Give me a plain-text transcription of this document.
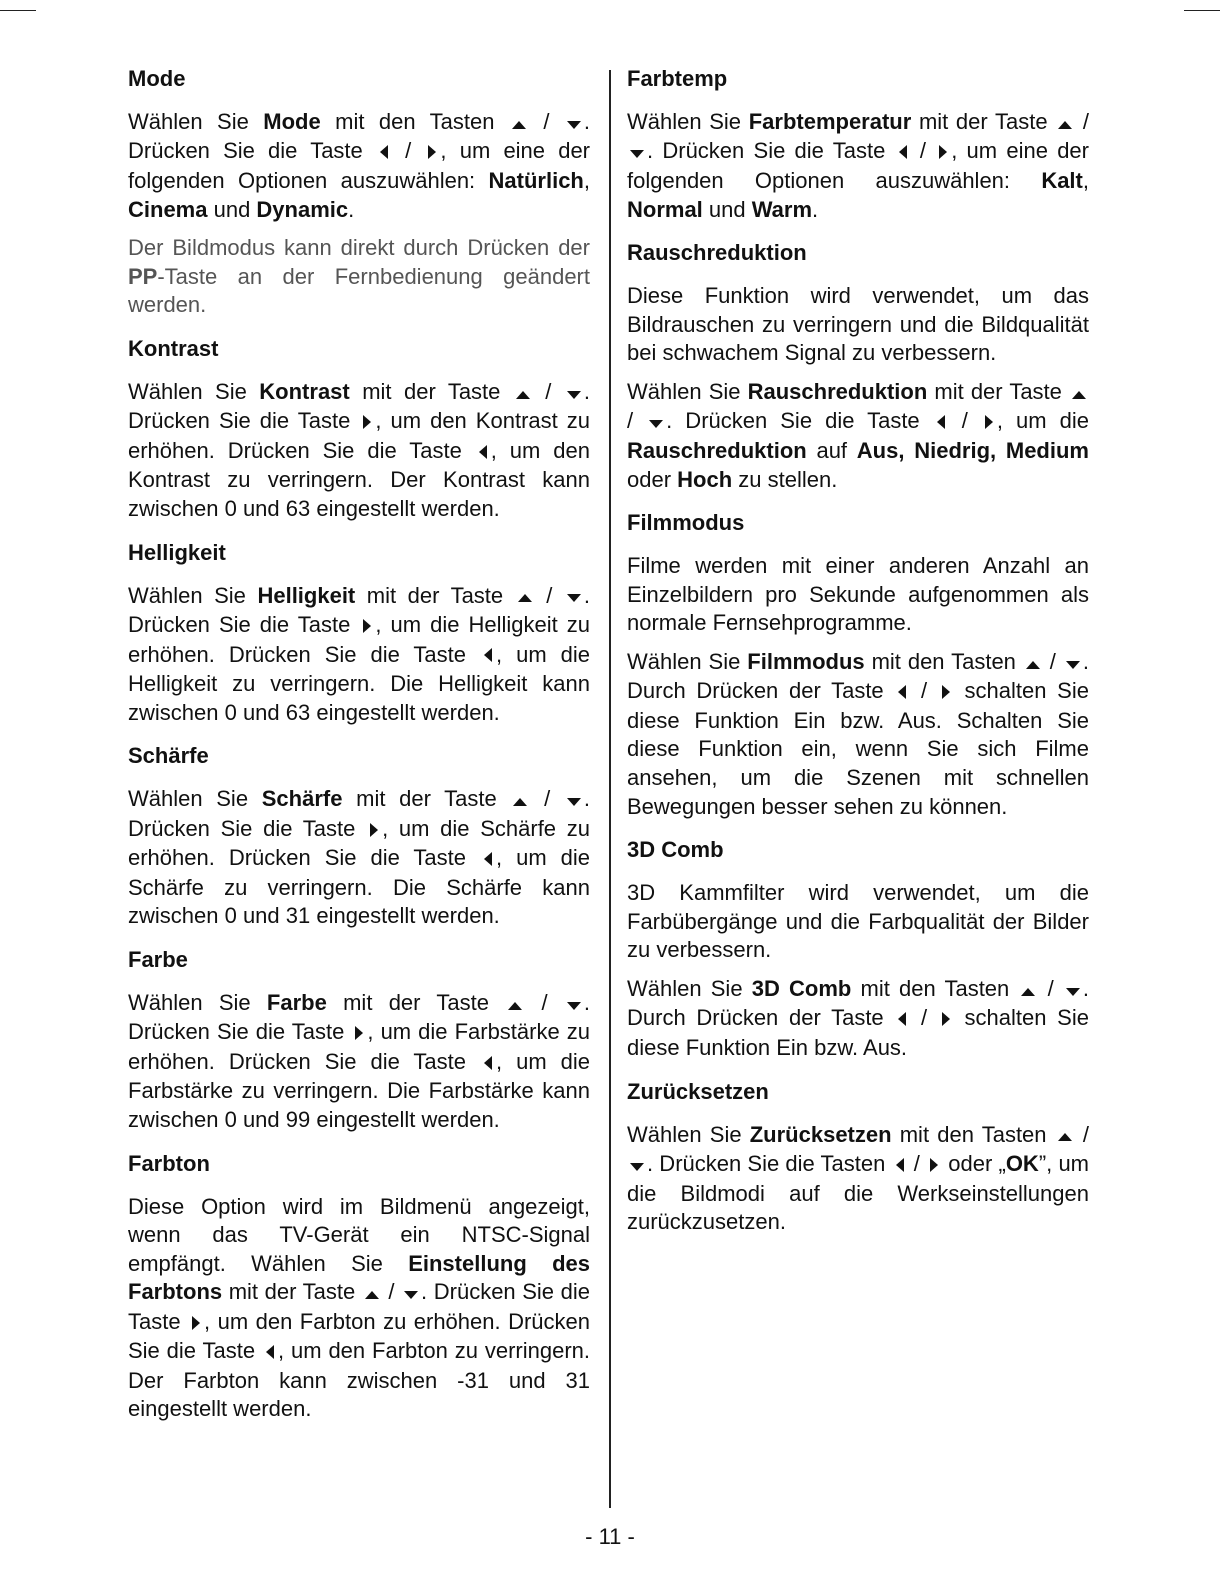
Mode

Wählen Sie Mode mit den Tasten  / . Drücken Sie die Taste  / , um eine der folgenden Optionen auszuwählen: Natürlich, Cinema und Dynamic.

Der Bildmodus kann direkt durch Drücken der PP-Taste an der Fernbedienung geändert werden.

Kontrast

Wählen Sie Kontrast mit der Taste  / . Drücken Sie die Taste , um den Kontrast zu erhöhen. Drücken Sie die Taste , um den Kontrast zu verringern. Der Kontrast kann zwischen 0 und 63 eingestellt werden.

Helligkeit

Wählen Sie Helligkeit mit der Taste  / . Drücken Sie die Taste , um die Helligkeit zu erhöhen. Drücken Sie die Taste , um die Helligkeit zu verringern. Die Helligkeit kann zwischen 0 und 63 eingestellt werden.

Schärfe

Wählen Sie Schärfe mit der Taste  / . Drücken Sie die Taste , um die Schärfe zu erhöhen. Drücken Sie die Taste , um die Schärfe zu verringern. Die Schärfe kann zwischen 0 und 31 eingestellt werden.

Farbe

Wählen Sie Farbe mit der Taste  / . Drücken Sie die Taste , um die Farbstärke zu erhöhen. Drücken Sie die Taste , um die Farbstärke zu verringern. Die Farbstärke kann zwischen 0 und 99 eingestellt werden.

Farbton

Diese Option wird im Bildmenü angezeigt, wenn das TV-Gerät ein NTSC-Signal empfängt. Wählen Sie Einstellung des Farbtons mit der Taste  / . Drücken Sie die Taste , um den Farbton zu erhöhen. Drücken Sie die Taste , um den Farbton zu verringern. Der Farbton kann zwischen -31 und 31 eingestellt werden.

Farbtemp

Wählen Sie Farbtemperatur mit der Taste  / . Drücken Sie die Taste  / , um eine der folgenden Optionen auszuwählen: Kalt, Normal und Warm.

Rauschreduktion

Diese Funktion wird verwendet, um das Bildrauschen zu verringern und die Bildqualität bei schwachem Signal zu verbessern.

Wählen Sie Rauschreduktion mit der Taste  / . Drücken Sie die Taste  / , um die Rauschreduktion auf Aus, Niedrig, Medium oder Hoch zu stellen.

Filmmodus

Filme werden mit einer anderen Anzahl an Einzelbildern pro Sekunde aufgenommen als normale Fernsehprogramme.

Wählen Sie Filmmodus mit den Tasten  / . Durch Drücken der Taste  /  schalten Sie diese Funktion Ein bzw. Aus. Schalten Sie diese Funktion ein, wenn Sie sich Filme ansehen, um die Szenen mit schnellen Bewegungen besser sehen zu können.

3D Comb

3D Kammfilter wird verwendet, um die Farbübergänge und die Farbqualität der Bilder zu verbessern.

Wählen Sie 3D Comb mit den Tasten  / . Durch Drücken der Taste  /  schalten Sie diese Funktion Ein bzw. Aus.

Zurücksetzen

Wählen Sie Zurücksetzen mit den Tasten  / . Drücken Sie die Tasten  /  oder „OK”, um die Bildmodi auf die Werkseinstellungen zurückzusetzen.

- 11 -
